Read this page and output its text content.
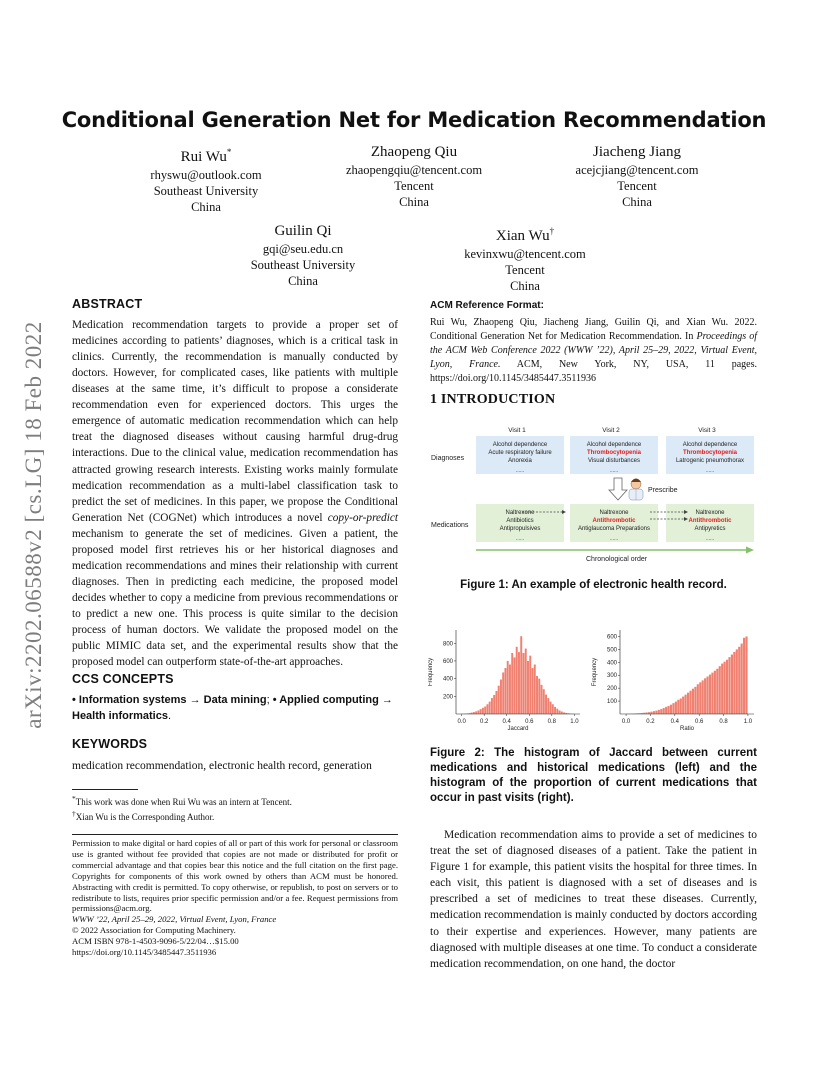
arXiv:2202.06588v2 [cs.LG] 18 Feb 2022
Conditional Generation Net for Medication Recommendation
Rui Wu*
rhyswu@outlook.com
Southeast University
China
Zhaopeng Qiu
zhaopengqiu@tencent.com
Tencent
China
Jiacheng Jiang
acejcjiang@tencent.com
Tencent
China
Guilin Qi
gqi@seu.edu.cn
Southeast University
China
Xian Wu†
kevinxwu@tencent.com
Tencent
China
ABSTRACT
Medication recommendation targets to provide a proper set of medicines according to patients’ diagnoses, which is a critical task in clinics. Currently, the recommendation is manually conducted by doctors. However, for complicated cases, like patients with multiple diseases at the same time, it’s difficult to propose a considerate recommendation even for experienced doctors. This urges the emergence of automatic medication recommendation which can help treat the diagnosed diseases without causing harmful drug-drug interactions. Due to the clinical value, medication recommendation has attracted growing research interests. Existing works mainly formulate medication recommendation as a multi-label classification task to predict the set of medicines. In this paper, we propose the Conditional Generation Net (COGNet) which introduces a novel copy-or-predict mechanism to generate the set of medicines. Given a patient, the proposed model first retrieves his or her historical diagnoses and medication recommendations and mines their relationship with current diagnoses. Then in predicting each medicine, the proposed model decides whether to copy a medicine from previous recommendations or to predict a new one. This process is quite similar to the decision process of human doctors. We validate the proposed model on the public MIMIC data set, and the experimental results show that the proposed model can outperform state-of-the-art approaches.
CCS CONCEPTS
• Information systems → Data mining; • Applied computing → Health informatics.
KEYWORDS
medication recommendation, electronic health record, generation
*This work was done when Rui Wu was an intern at Tencent.
†Xian Wu is the Corresponding Author.
Permission to make digital or hard copies of all or part of this work for personal or classroom use is granted without fee provided that copies are not made or distributed for profit or commercial advantage and that copies bear this notice and the full citation on the first page. Copyrights for components of this work owned by others than ACM must be honored. Abstracting with credit is permitted. To copy otherwise, or republish, to post on servers or to redistribute to lists, requires prior specific permission and/or a fee. Request permissions from permissions@acm.org.
WWW ’22, April 25–29, 2022, Virtual Event, Lyon, France
© 2022 Association for Computing Machinery.
ACM ISBN 978-1-4503-9096-5/22/04…$15.00
https://doi.org/10.1145/3485447.3511936
ACM Reference Format:
Rui Wu, Zhaopeng Qiu, Jiacheng Jiang, Guilin Qi, and Xian Wu. 2022. Conditional Generation Net for Medication Recommendation. In Proceedings of the ACM Web Conference 2022 (WWW ’22), April 25–29, 2022, Virtual Event, Lyon, France. ACM, New York, NY, USA, 11 pages. https://doi.org/10.1145/3485447.3511936
1 INTRODUCTION
Diagnoses
Medications
Visit 1
Alcohol dependence
Acute respiratory failure
Anorexia
......
Naltrexone
Antibiotics
Antipropulsives
......
Visit 2
Alcohol dependence
Thrombocytopenia
Visual disturbances
......
Naltrexone
Antithrombotic
Antiglaucoma Preparations
......
Visit 3
Alcohol dependence
Thrombocytopenia
Latrogenic pneumothorax
......
Naltrexone
Antithrombotic
Antipyretics
......
Prescribe
Chronological order
Figure 1: An example of electronic health record.
0.0 0.2 0.4 0.6 0.8 1.0
200
400
600
800
Jaccard
Frequency
0.0	0.2	0.4	0.6	0.8	1.0
100
200
300
400
500
600
Ratio
Frequency
Figure 2: The histogram of Jaccard between current medications and historical medications (left) and the histogram of the proportion of current medications that occur in past visits (right).
Medication recommendation aims to provide a set of medicines to treat the set of diagnosed diseases of a patient. Take the patient in Figure 1 for example, this patient visits the hospital for three times. In each visit, this patient is diagnosed with a set of diseases and is prescribed a set of medicines to treat these diseases. Currently, medication recommendation is mainly conducted by doctors according to their expertise and experiences. However, many patients are diagnosed with multiple diseases at one time. To conduct a considerate medication recommendation, on one hand, the doctor
